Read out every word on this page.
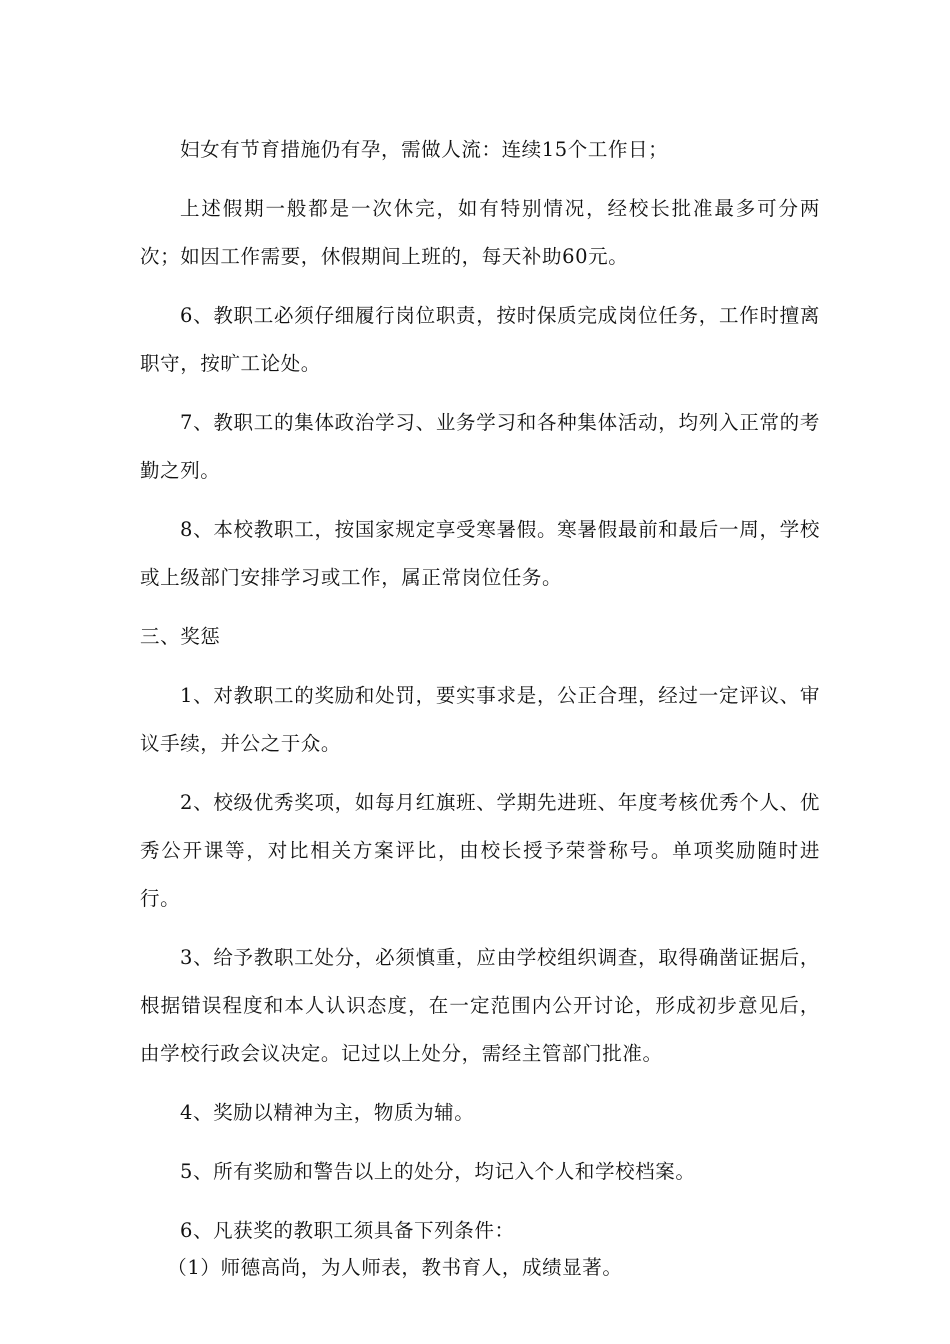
妇女有节育措施仍有孕，需做人流：连续15个工作日；

上述假期一般都是一次休完，如有特别情况，经校长批准最多可分两次；如因工作需要，休假期间上班的，每天补助60元。

6、教职工必须仔细履行岗位职责，按时保质完成岗位任务，工作时擅离职守，按旷工论处。

7、教职工的集体政治学习、业务学习和各种集体活动，均列入正常的考勤之列。

8、本校教职工，按国家规定享受寒暑假。寒暑假最前和最后一周，学校或上级部门安排学习或工作，属正常岗位任务。

三、奖惩

1、对教职工的奖励和处罚，要实事求是，公正合理，经过一定评议、审议手续，并公之于众。

2、校级优秀奖项，如每月红旗班、学期先进班、年度考核优秀个人、优秀公开课等，对比相关方案评比，由校长授予荣誉称号。单项奖励随时进行。

3、给予教职工处分，必须慎重，应由学校组织调查，取得确凿证据后，根据错误程度和本人认识态度，在一定范围内公开讨论，形成初步意见后，由学校行政会议决定。记过以上处分，需经主管部门批准。

4、奖励以精神为主，物质为辅。

5、所有奖励和警告以上的处分，均记入个人和学校档案。

6、凡获奖的教职工须具备下列条件：

（1）师德高尚，为人师表，教书育人，成绩显著。
